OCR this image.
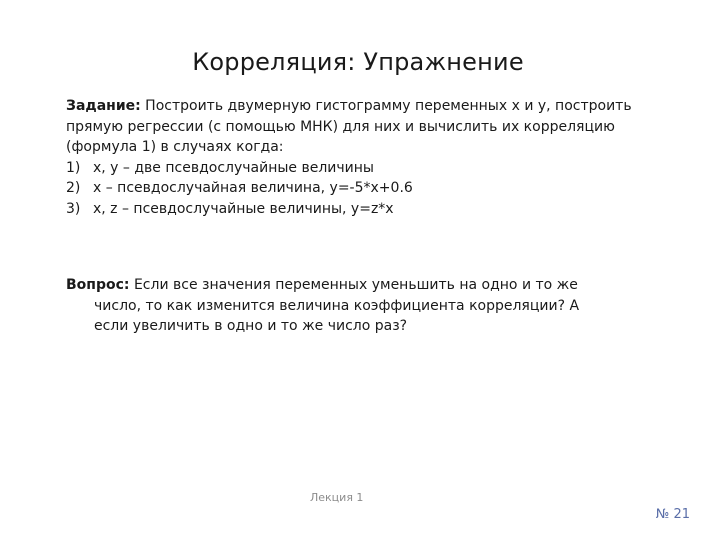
Корреляция: Упражнение

Задание: Построить двумерную гистограмму переменных x и y, построить прямую регрессии (с помощью МНК) для них и вычислить их корреляцию (формула 1) в случаях когда:

1) x, y – две псевдослучайные величины
2) x – псевдослучайная величина, y=-5*x+0.6
3) x, z – псевдослучайные величины, y=z*x

Вопрос: Если все значения переменных уменьшить на одно и то же число, то как изменится величина коэффициента корреляции? А если увеличить в одно и то же число раз?

Лекция 1
№ 21
